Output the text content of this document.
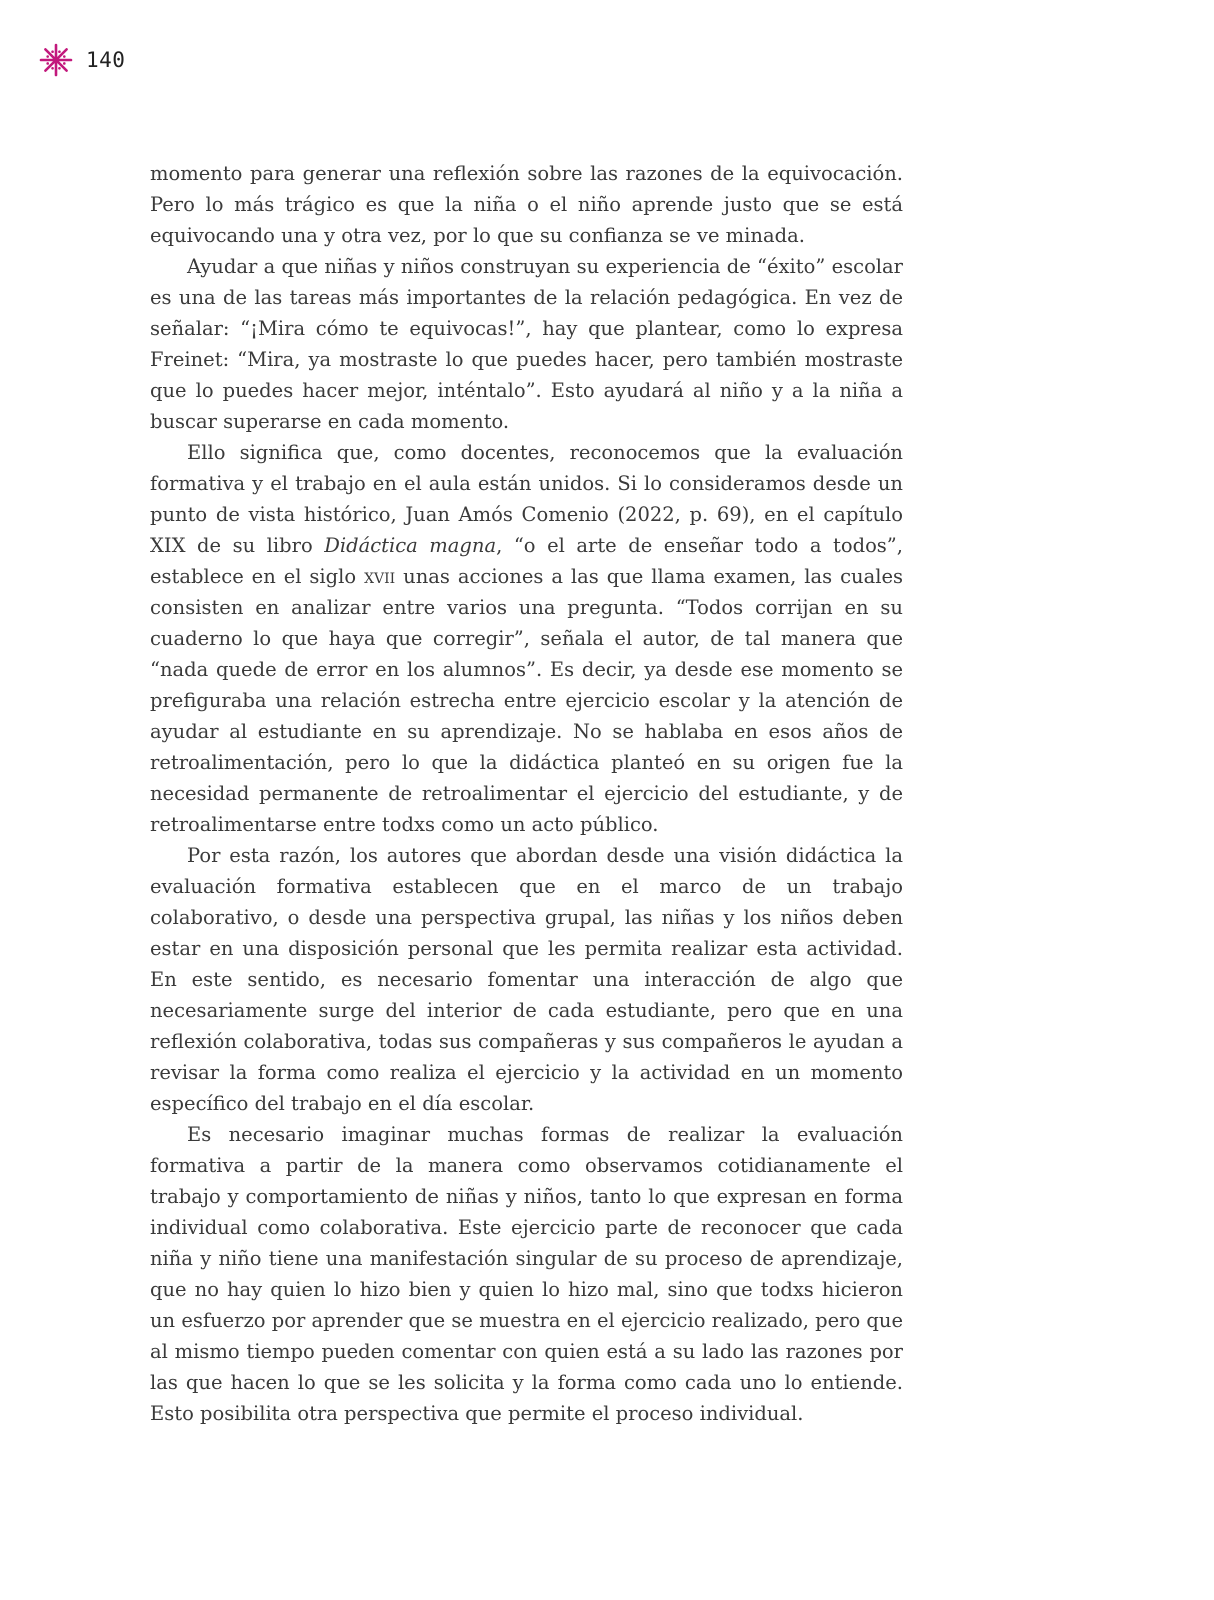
140

momento para generar una reflexión sobre las razones de la equivocación. Pero lo más trágico es que la niña o el niño aprende justo que se está equivocando una y otra vez, por lo que su confianza se ve minada.

Ayudar a que niñas y niños construyan su experiencia de “éxito” escolar es una de las tareas más importantes de la relación pedagógica. En vez de señalar: “¡Mira cómo te equivocas!”, hay que plantear, como lo expresa Freinet: “Mira, ya mostraste lo que puedes hacer, pero también mostraste que lo puedes hacer mejor, inténtalo”. Esto ayudará al niño y a la niña a buscar superarse en cada momento.

Ello significa que, como docentes, reconocemos que la evaluación formativa y el trabajo en el aula están unidos. Si lo consideramos desde un punto de vista histórico, Juan Amós Comenio (2022, p. 69), en el capítulo XIX de su libro Didáctica magna, “o el arte de enseñar todo a todos”, establece en el siglo xvii unas acciones a las que llama examen, las cuales consisten en analizar entre varios una pregunta. “Todos corrijan en su cuaderno lo que haya que corregir”, señala el autor, de tal manera que “nada quede de error en los alumnos”. Es decir, ya desde ese momento se prefiguraba una relación estrecha entre ejercicio escolar y la atención de ayudar al estudiante en su aprendizaje. No se hablaba en esos años de retroalimentación, pero lo que la didáctica planteó en su origen fue la necesidad permanente de retroalimentar el ejercicio del estudiante, y de retroalimentarse entre todxs como un acto público.

Por esta razón, los autores que abordan desde una visión didáctica la evaluación formativa establecen que en el marco de un trabajo colaborativo, o desde una perspectiva grupal, las niñas y los niños deben estar en una disposición personal que les permita realizar esta actividad. En este sentido, es necesario fomentar una interacción de algo que necesariamente surge del interior de cada estudiante, pero que en una reflexión colaborativa, todas sus compañeras y sus compañeros le ayudan a revisar la forma como realiza el ejercicio y la actividad en un momento específico del trabajo en el día escolar.

Es necesario imaginar muchas formas de realizar la evaluación formativa a partir de la manera como observamos cotidianamente el trabajo y comportamiento de niñas y niños, tanto lo que expresan en forma individual como colaborativa. Este ejercicio parte de reconocer que cada niña y niño tiene una manifestación singular de su proceso de aprendizaje, que no hay quien lo hizo bien y quien lo hizo mal, sino que todxs hicieron un esfuerzo por aprender que se muestra en el ejercicio realizado, pero que al mismo tiempo pueden comentar con quien está a su lado las razones por las que hacen lo que se les solicita y la forma como cada uno lo entiende. Esto posibilita otra perspectiva que permite el proceso individual.
